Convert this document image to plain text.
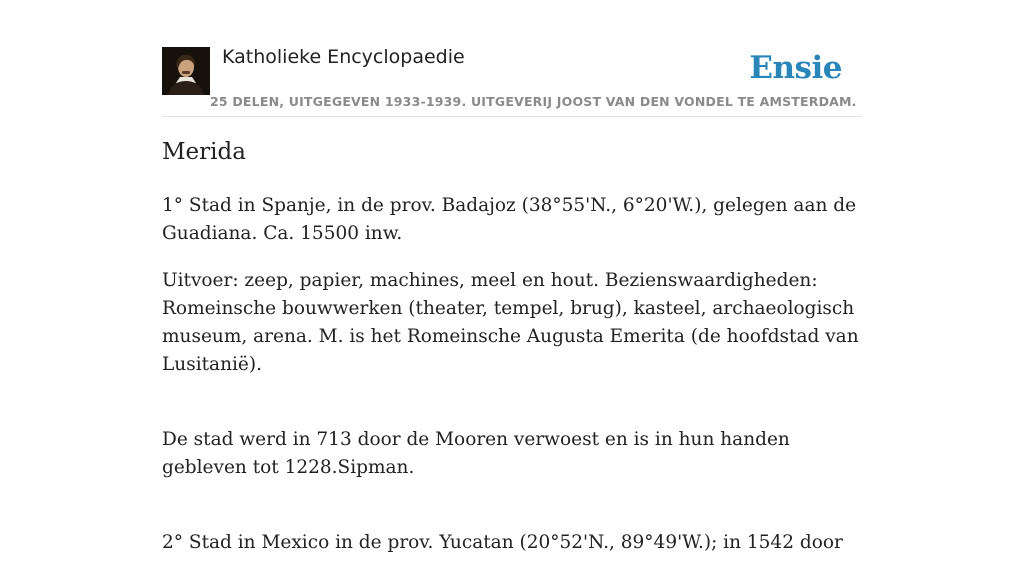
Katholieke Encyclopaedie	Ensie
25 DELEN, UITGEGEVEN 1933-1939. UITGEVERIJ JOOST VAN DEN VONDEL TE AMSTERDAM.
Merida

1° Stad in Spanje, in de prov. Badajoz (38°55'N., 6°20'W.), gelegen aan de Guadiana. Ca. 15500 inw.

Uitvoer: zeep, papier, machines, meel en hout. Bezienswaardigheden: Romeinsche bouwwerken (theater, tempel, brug), kasteel, archaeologisch museum, arena. M. is het Romeinsche Augusta Emerita (de hoofdstad van Lusitanië).

De stad werd in 713 door de Mooren verwoest en is in hun handen gebleven tot 1228.Sipman.

2° Stad in Mexico in de prov. Yucatan (20°52'N., 89°49'W.); in 1542 door
